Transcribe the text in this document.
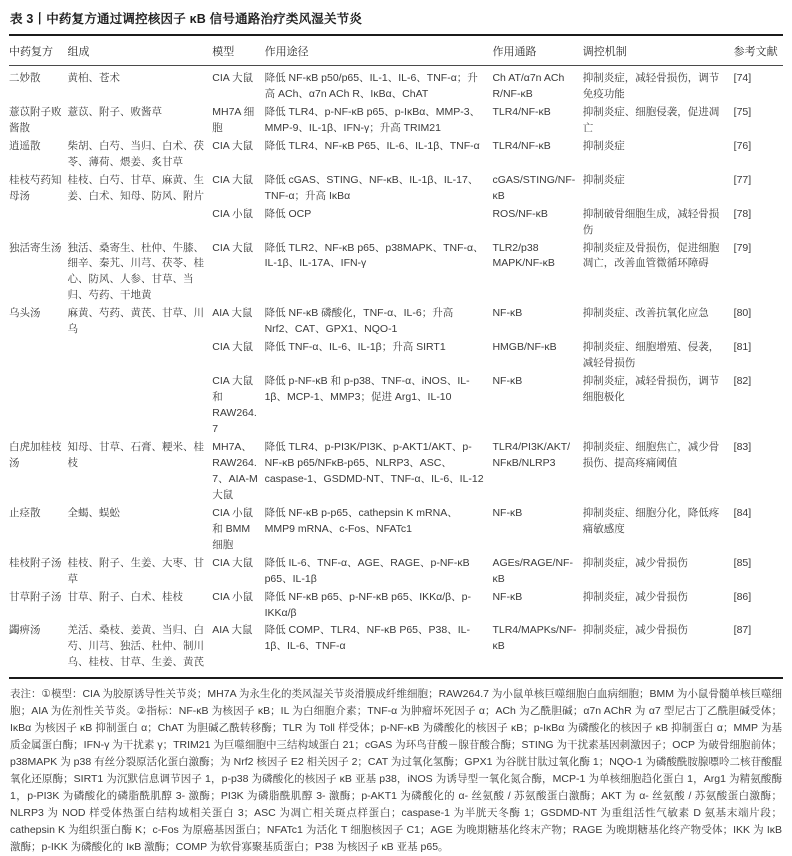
表 3丨中药复方通过调控核因子 κB 信号通路治疗类风湿关节炎
中药复方	组成	模型	作用途径	作用通路	调控机制	参考文献
二妙散	黄柏、苍术	CIA 大鼠	降低 NF-κB p50/p65、IL-1、IL-6、TNF-α；升高 ACh、α7n ACh R、IκBα、ChAT	Ch AT/α7n ACh R/NF-κB	抑制炎症，减轻骨损伤，调节免疫功能	[74]
薏苡附子败酱散	薏苡、附子、败酱草	MH7A 细胞	降低 TLR4、p-NF-κB p65、p-IκBα、MMP-3、MMP-9、IL-1β、IFN-γ；升高 TRIM21	TLR4/NF-κB	抑制炎症、细胞侵袭，促进凋亡	[75]
逍遥散	柴胡、白芍、当归、白术、茯苓、薄荷、煨姜、炙甘草	CIA 大鼠	降低 TLR4、NF-κB P65、IL-6、IL-1β、TNF-α	TLR4/NF-κB	抑制炎症	[76]
桂枝芍药知母汤	桂枝、白芍、甘草、麻黄、生姜、白术、知母、防风、附片	CIA 大鼠	降低 cGAS、STING、NF-κB、IL-1β、IL-17、TNF-α；升高 IκBα	cGAS/STING/NF-κB	抑制炎症	[77]
		CIA 小鼠	降低 OCP	ROS/NF-κB	抑制破骨细胞生成，减轻骨损伤	[78]
独活寄生汤	独活、桑寄生、杜仲、牛膝、细辛、秦艽、川芎、茯苓、桂心、防风、人参、甘草、当归、芍药、干地黄	CIA 大鼠	降低 TLR2、NF-κB p65、p38MAPK、TNF-α、IL-1β、IL-17A、IFN-γ	TLR2/p38 MAPK/NF-κB	抑制炎症及骨损伤，促进细胞凋亡，改善血管微循环障碍	[79]
乌头汤	麻黄、芍药、黄芪、甘草、川乌	AIA 大鼠	降低 NF-κB 磷酸化，TNF-α、IL-6；升高 Nrf2、CAT、GPX1、NQO-1	NF-κB	抑制炎症、改善抗氧化应急	[80]
		CIA 大鼠	降低 TNF-α、IL-6、IL-1β；升高 SIRT1	HMGB/NF-κB	抑制炎症、细胞增殖、侵袭，减轻骨损伤	[81]
		CIA 大鼠和 RAW264.7	降低 p-NF-κB 和 p-p38、TNF-α、iNOS、IL-1β、MCP-1、MMP3；促进 Arg1、IL-10	NF-κB	抑制炎症，减轻骨损伤，调节细胞极化	[82]
白虎加桂枝汤	知母、甘草、石膏、粳米、桂枝	MH7A、RAW264.7、AIA-M 大鼠	降低 TLR4、p-PI3K/PI3K、p-AKT1/AKT、p-NF-κB p65/NFκB-p65、NLRP3、ASC、caspase-1、GSDMD-NT、TNF-α、IL-6、IL-12	TLR4/PI3K/AKT/NFκB/NLRP3	抑制炎症、细胞焦亡，减少骨损伤、提高疼痛阈值	[83]
止痉散	全蝎、蜈蚣	CIA 小鼠和 BMM 细胞	降低 NF-κB p-p65、cathepsin K mRNA、MMP9 mRNA、c-Fos、NFATc1	NF-κB	抑制炎症、细胞分化，降低疼痛敏感度	[84]
桂枝附子汤	桂枝、附子、生姜、大枣、甘草	CIA 大鼠	降低 IL-6、TNF-α、AGE、RAGE、p-NF-κB p65、IL-1β	AGEs/RAGE/NF-κB	抑制炎症，减少骨损伤	[85]
甘草附子汤	甘草、附子、白术、桂枝	CIA 小鼠	降低 NF-κB p65、p-NF-κB p65、IKKα/β、p-IKKα/β	NF-κB	抑制炎症，减少骨损伤	[86]
蠲痹汤	羌活、桑枝、姜黄、当归、白芍、川芎、独活、杜仲、制川乌、桂枝、甘草、生姜、黄芪	AIA 大鼠	降低 COMP、TLR4、NF-κB P65、P38、IL-1β、IL-6、TNF-α	TLR4/MAPKs/NF-κB	抑制炎症，减少骨损伤	[87]
表注：①模型：CIA 为胶原诱导性关节炎；MH7A 为永生化的类风湿关节炎滑膜成纤维细胞；RAW264.7 为小鼠单核巨噬细胞白血病细胞；BMM 为小鼠骨髓单核巨噬细胞；AIA 为佐剂性关节炎。②指标：NF-κB 为核因子 κB；IL 为白细胞介素；TNF-α 为肿瘤坏死因子 α；ACh 为乙酰胆碱；α7n AChR 为 α7 型尼古丁乙酰胆碱受体；IκBα 为核因子 κB 抑制蛋白 α；ChAT 为胆碱乙酰转移酶；TLR 为 Toll 样受体；p-NF-κB 为磷酸化的核因子 κB；p-IκBα 为磷酸化的核因子 κB 抑制蛋白 α；MMP 为基质金属蛋白酶；IFN-γ 为干扰素 γ；TRIM21 为巨噬细胞中三结构域蛋白 21；cGAS 为环鸟苷酸－腺苷酸合酶；STING 为干扰素基因刺激因子；OCP 为破骨细胞前体；p38MAPK 为 p38 有丝分裂原活化蛋白激酶；为 Nrf2 核因子 E2 相关因子 2；CAT 为过氧化氢酶；GPX1 为谷胱甘肽过氧化酶 1；NQO-1 为磷酸酰胺腺嘌呤二核苷酸醌氧化还原酶；SIRT1 为沉默信息调节因子 1，p-p38 为磷酸化的核因子 κB 亚基 p38，iNOS 为诱导型一氧化氮合酶，MCP-1 为单核细胞趋化蛋白 1，Arg1 为精氨酸酶 1，p-PI3K 为磷酸化的磷脂酰肌醇 3- 激酶；PI3K 为磷脂酰肌醇 3- 激酶；p-AKT1 为磷酸化的 α- 丝氨酸 / 苏氨酸蛋白激酶；AKT 为 α- 丝氨酸 / 苏氨酸蛋白激酶；NLRP3 为 NOD 样受体热蛋白结构域相关蛋白 3；ASC 为凋亡相关斑点样蛋白；caspase-1 为半胱天冬酶 1；GSDMD-NT 为重组活性气敏素 D 氨基末端片段；cathepsin K 为组织蛋白酶 K；c-Fos 为原癌基因蛋白；NFATc1 为活化 T 细胞核因子 C1；AGE 为晚期糖基化终末产物；RAGE 为晚期糖基化终产物受体；IKK 为 IκB 激酶；p-IKK 为磷酸化的 IκB 激酶；COMP 为软骨寡聚基质蛋白；P38 为核因子 κB 亚基 p65。
